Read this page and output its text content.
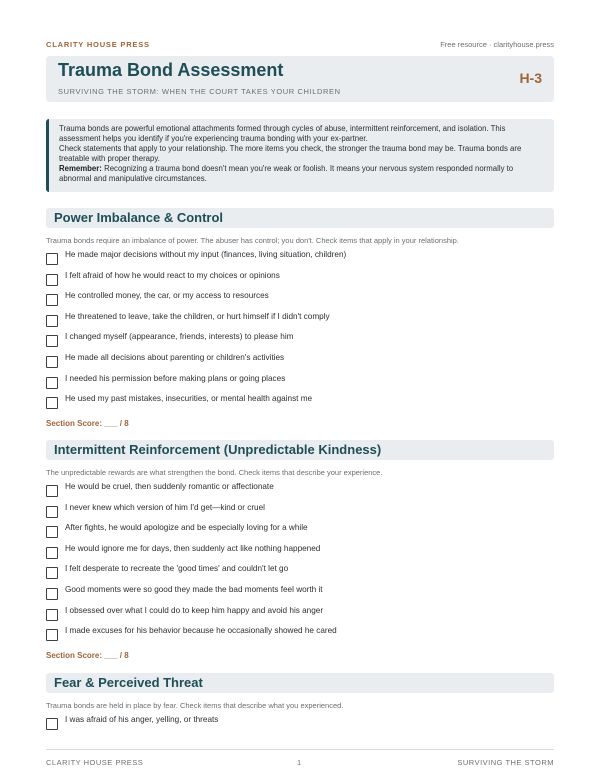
CLARITY HOUSE PRESS	Free resource · clarityhouse.press
Trauma Bond Assessment
SURVIVING THE STORM: WHEN THE COURT TAKES YOUR CHILDREN
H-3

Trauma bonds are powerful emotional attachments formed through cycles of abuse, intermittent reinforcement, and isolation. This assessment helps you identify if you're experiencing trauma bonding with your ex-partner.

Check statements that apply to your relationship. The more items you check, the stronger the trauma bond may be. Trauma bonds are treatable with proper therapy.

Remember: Recognizing a trauma bond doesn't mean you're weak or foolish. It means your nervous system responded normally to abnormal and manipulative circumstances.

Power Imbalance & Control
Trauma bonds require an imbalance of power. The abuser has control; you don't. Check items that apply in your relationship.
He made major decisions without my input (finances, living situation, children)
I felt afraid of how he would react to my choices or opinions
He controlled money, the car, or my access to resources
He threatened to leave, take the children, or hurt himself if I didn't comply
I changed myself (appearance, friends, interests) to please him
He made all decisions about parenting or children's activities
I needed his permission before making plans or going places
He used my past mistakes, insecurities, or mental health against me
Section Score: ___ / 8
Intermittent Reinforcement (Unpredictable Kindness)
The unpredictable rewards are what strengthen the bond. Check items that describe your experience.
He would be cruel, then suddenly romantic or affectionate
I never knew which version of him I'd get—kind or cruel
After fights, he would apologize and be especially loving for a while
He would ignore me for days, then suddenly act like nothing happened
I felt desperate to recreate the 'good times' and couldn't let go
Good moments were so good they made the bad moments feel worth it
I obsessed over what I could do to keep him happy and avoid his anger
I made excuses for his behavior because he occasionally showed he cared
Section Score: ___ / 8
Fear & Perceived Threat
Trauma bonds are held in place by fear. Check items that describe what you experienced.
I was afraid of his anger, yelling, or threats
CLARITY HOUSE PRESS	1	SURVIVING THE STORM
